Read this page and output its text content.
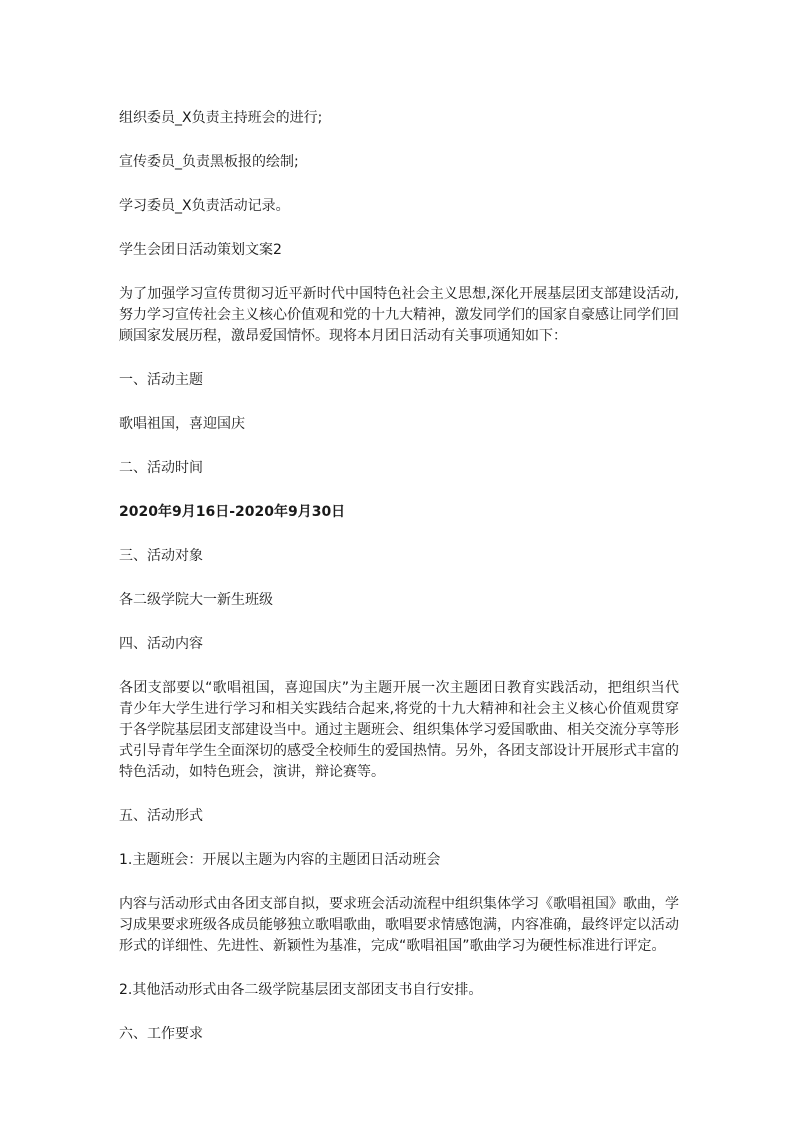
组织委员_X负责主持班会的进行;

宣传委员_负责黑板报的绘制;

学习委员_X负责活动记录。

学生会团日活动策划文案2

为了加强学习宣传贯彻习近平新时代中国特色社会主义思想,深化开展基层团支部建设活动,努力学习宣传社会主义核心价值观和党的十九大精神，激发同学们的国家自豪感让同学们回顾国家发展历程，激昂爱国情怀。现将本月团日活动有关事项通知如下：

一、活动主题

歌唱祖国，喜迎国庆

二、活动时间

2020年9月16日-2020年9月30日

三、活动对象

各二级学院大一新生班级

四、活动内容

各团支部要以“歌唱祖国，喜迎国庆”为主题开展一次主题团日教育实践活动，把组织当代青少年大学生进行学习和相关实践结合起来,将党的十九大精神和社会主义核心价值观贯穿于各学院基层团支部建设当中。通过主题班会、组织集体学习爱国歌曲、相关交流分享等形式引导青年学生全面深切的感受全校师生的爱国热情。另外，各团支部设计开展形式丰富的特色活动，如特色班会，演讲，辩论赛等。

五、活动形式

1.主题班会：开展以主题为内容的主题团日活动班会

内容与活动形式由各团支部自拟，要求班会活动流程中组织集体学习《歌唱祖国》歌曲，学习成果要求班级各成员能够独立歌唱歌曲，歌唱要求情感饱满，内容准确，最终评定以活动形式的详细性、先进性、新颖性为基准，完成“歌唱祖国”歌曲学习为硬性标准进行评定。

2.其他活动形式由各二级学院基层团支部团支书自行安排。

六、工作要求
